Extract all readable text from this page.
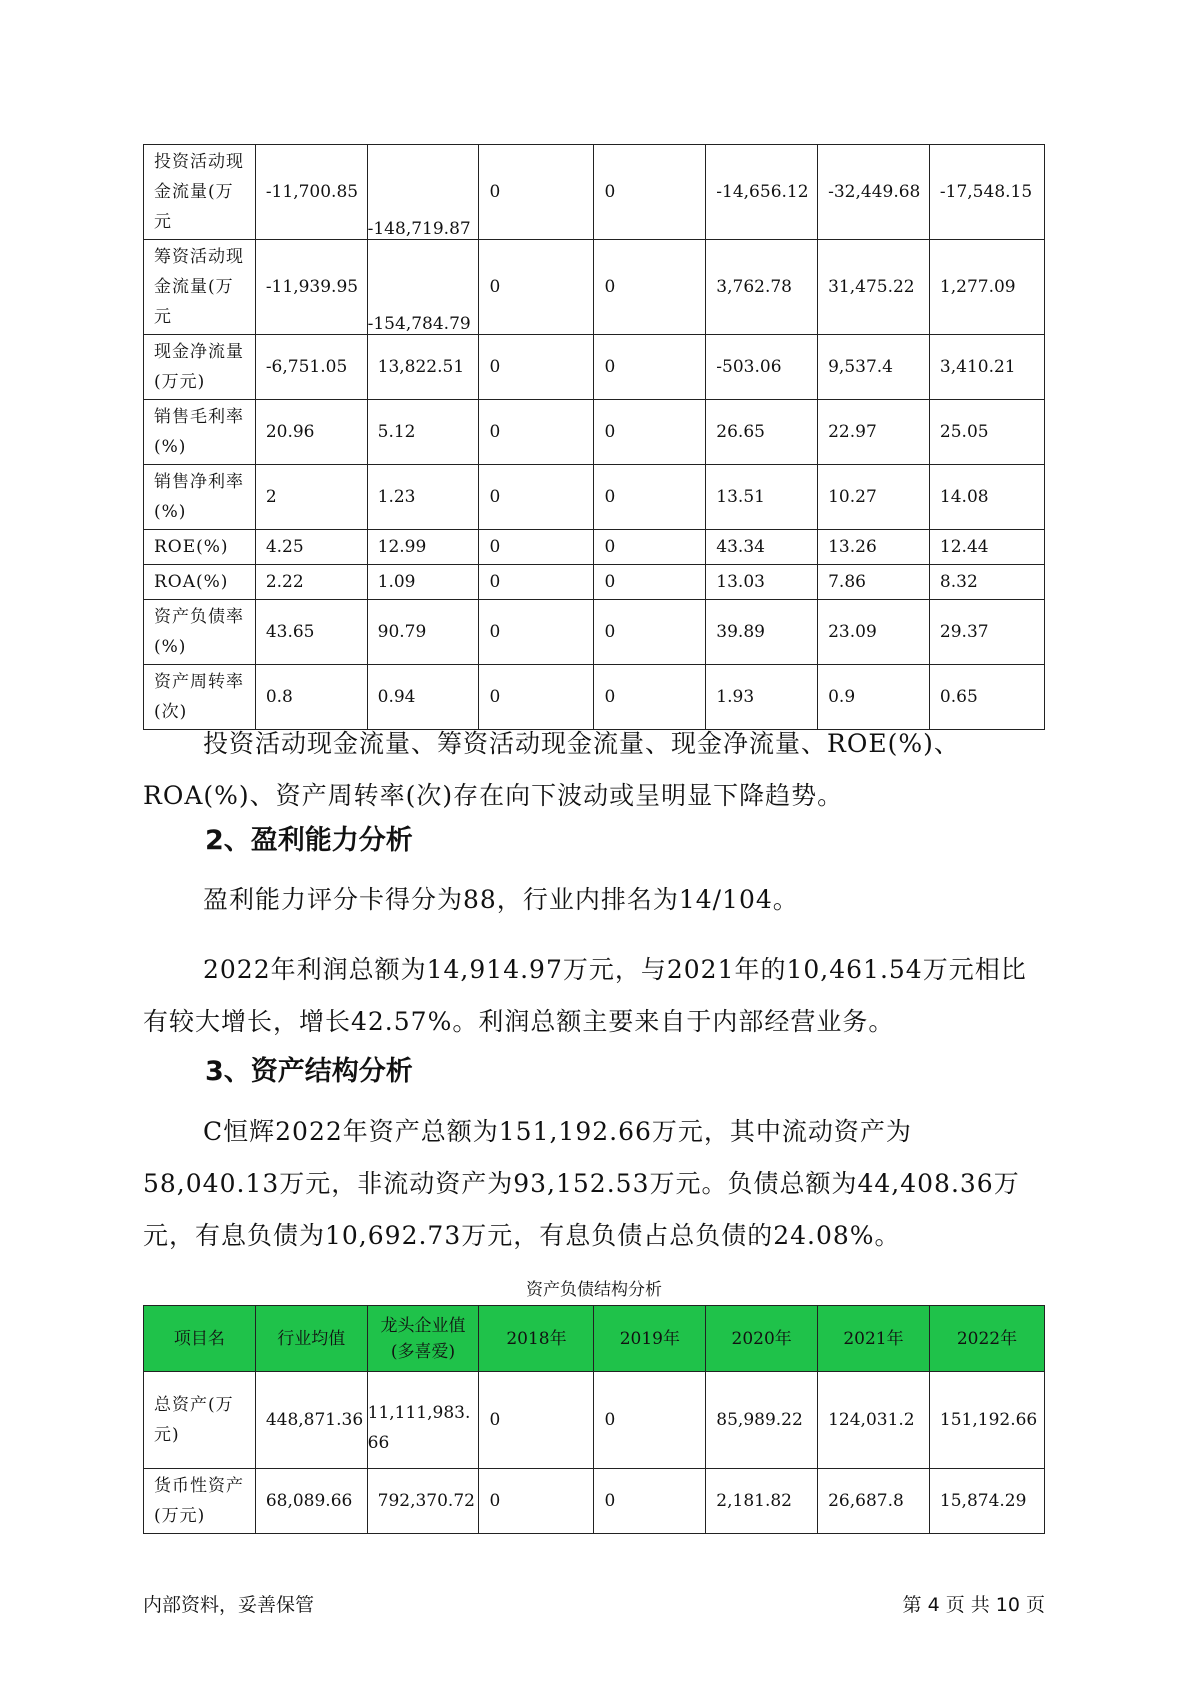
投资活动现金流量(万元	-11,700.85	-148,719.87	0	0	-14,656.12	-32,449.68	-17,548.15
筹资活动现金流量(万元	-11,939.95	-154,784.79	0	0	3,762.78	31,475.22	1,277.09
现金净流量(万元)	-6,751.05	13,822.51	0	0	-503.06	9,537.4	3,410.21
销售毛利率(%)	20.96	5.12	0	0	26.65	22.97	25.05
销售净利率(%)	2	1.23	0	0	13.51	10.27	14.08
ROE(%)	4.25	12.99	0	0	43.34	13.26	12.44
ROA(%)	2.22	1.09	0	0	13.03	7.86	8.32
资产负债率(%)	43.65	90.79	0	0	39.89	23.09	29.37
资产周转率(次)	0.8	0.94	0	0	1.93	0.9	0.65

投资活动现金流量、筹资活动现金流量、现金净流量、ROE(%)、ROA(%)、资产周转率(次)存在向下波动或呈明显下降趋势。

2、盈利能力分析

盈利能力评分卡得分为88，行业内排名为14/104。

2022年利润总额为14,914.97万元，与2021年的10,461.54万元相比有较大增长，增长42.57%。利润总额主要来自于内部经营业务。

3、资产结构分析

C恒辉2022年资产总额为151,192.66万元，其中流动资产为58,040.13万元，非流动资产为93,152.53万元。负债总额为44,408.36万元，有息负债为10,692.73万元，有息负债占总负债的24.08%。

资产负债结构分析
项目名	行业均值	龙头企业值(多喜爱)	2018年	2019年	2020年	2021年	2022年
总资产(万元)	448,871.36	11,111,983.66	0	0	85,989.22	124,031.2	151,192.66
货币性资产(万元)	68,089.66	792,370.72	0	0	2,181.82	26,687.8	15,874.29
内部资料，妥善保管	第 4 页 共 10 页
